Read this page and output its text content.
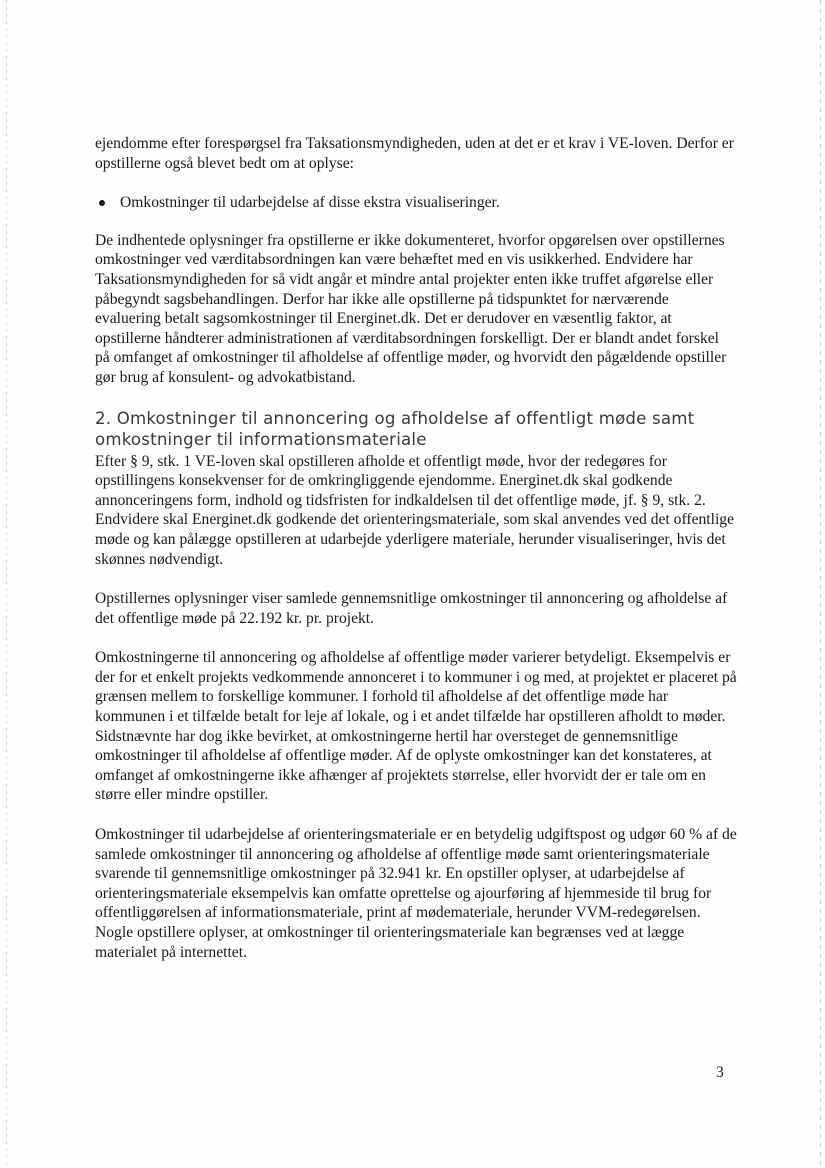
ejendomme efter forespørgsel fra Taksationsmyndigheden, uden at det er et krav i VE-loven. Derfor er opstillerne også blevet bedt om at oplyse:

Omkostninger til udarbejdelse af disse ekstra visualiseringer.

De indhentede oplysninger fra opstillerne er ikke dokumenteret, hvorfor opgørelsen over opstillernes omkostninger ved værditabsordningen kan være behæftet med en vis usikkerhed. Endvidere har Taksationsmyndigheden for så vidt angår et mindre antal projekter enten ikke truffet afgørelse eller påbegyndt sagsbehandlingen. Derfor har ikke alle opstillerne på tidspunktet for nærværende evaluering betalt sagsomkostninger til Energinet.dk. Det er derudover en væsentlig faktor, at opstillerne håndterer administrationen af værditabsordningen forskelligt. Der er blandt andet forskel på omfanget af omkostninger til afholdelse af offentlige møder, og hvorvidt den pågældende opstiller gør brug af konsulent- og advokatbistand.

2. Omkostninger til annoncering og afholdelse af offentligt møde samt omkostninger til informationsmateriale

Efter § 9, stk. 1 VE-loven skal opstilleren afholde et offentligt møde, hvor der redegøres for opstillingens konsekvenser for de omkringliggende ejendomme. Energinet.dk skal godkende annonceringens form, indhold og tidsfristen for indkaldelsen til det offentlige møde, jf. § 9, stk. 2. Endvidere skal Energinet.dk godkende det orienteringsmateriale, som skal anvendes ved det offentlige møde og kan pålægge opstilleren at udarbejde yderligere materiale, herunder visualiseringer, hvis det skønnes nødvendigt.

Opstillernes oplysninger viser samlede gennemsnitlige omkostninger til annoncering og afholdelse af det offentlige møde på 22.192 kr. pr. projekt.

Omkostningerne til annoncering og afholdelse af offentlige møder varierer betydeligt. Eksempelvis er der for et enkelt projekts vedkommende annonceret i to kommuner i og med, at projektet er placeret på grænsen mellem to forskellige kommuner. I forhold til afholdelse af det offentlige møde har kommunen i et tilfælde betalt for leje af lokale, og i et andet tilfælde har opstilleren afholdt to møder. Sidstnævnte har dog ikke bevirket, at omkostningerne hertil har oversteget de gennemsnitlige omkostninger til afholdelse af offentlige møder. Af de oplyste omkostninger kan det konstateres, at omfanget af omkostningerne ikke afhænger af projektets størrelse, eller hvorvidt der er tale om en større eller mindre opstiller.

Omkostninger til udarbejdelse af orienteringsmateriale er en betydelig udgiftspost og udgør 60 % af de samlede omkostninger til annoncering og afholdelse af offentlige møde samt orienteringsmateriale svarende til gennemsnitlige omkostninger på 32.941 kr. En opstiller oplyser, at udarbejdelse af orienteringsmateriale eksempelvis kan omfatte oprettelse og ajourføring af hjemmeside til brug for offentliggørelsen af informationsmateriale, print af mødemateriale, herunder VVM-redegørelsen. Nogle opstillere oplyser, at omkostninger til orienteringsmateriale kan begrænses ved at lægge materialet på internettet.

3
